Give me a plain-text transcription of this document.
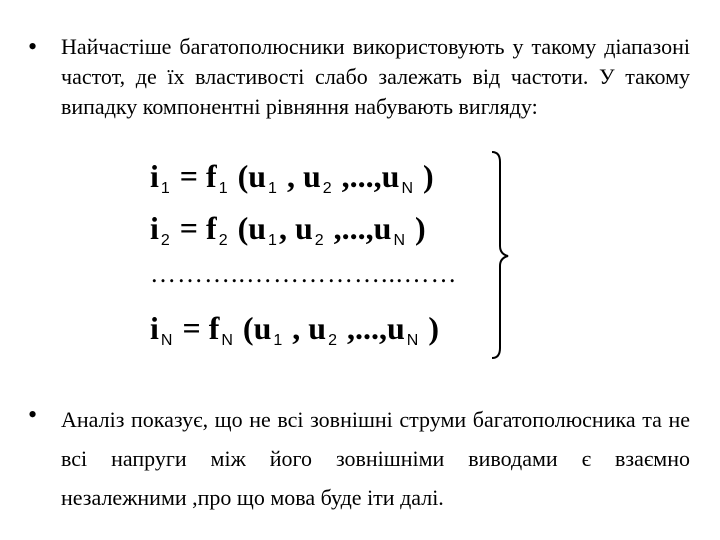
• Найчастіше багатополюсники використовують у такому діапазоні частот, де їх властивості слабо залежать від частоти. У такому випадку компонентні рівняння набувають вигляду:
i $_1$ = f $_1$ (u $_1$ , u $_2$ ,...,u $_N$ )
i $_2$ = f $_2$ (u $_1$, u $_2$ ,...,u $_N$ )
………..……………...……
i $_N$ = f $_N$ (u $_1$ , u $_2$ ,...,u $_N$ )
• Аналіз показує, що не всі зовнішні струми багатополюсника та не всі напруги між його зовнішніми виводами є взаємно незалежними ,про що мова буде іти далі.
